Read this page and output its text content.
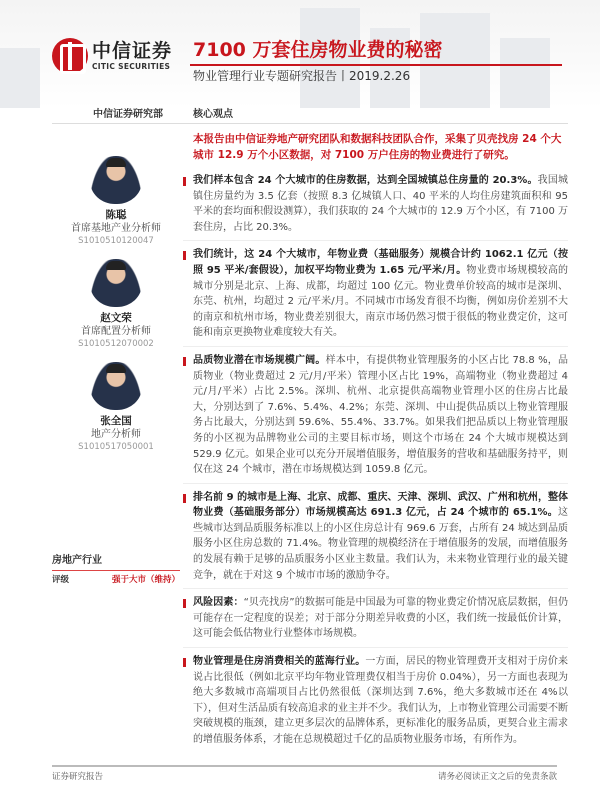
中信证券
CITIC SECURITIES
7100 万套住房物业费的秘密
物业管理行业专题研究报告丨2019.2.26
中信证券研究部	核心观点
陈聪
首席基地产业分析师
S1010510120047
赵文荣
首席配置分析师
S1010512070002
张全国
地产分析师
S1010517050001
房地产行业
评级	强于大市（维持）
本报告由中信证券地产研究团队和数据科技团队合作，采集了贝壳找房 24 个大城市 12.9 万个小区数据，对 7100 万户住房的物业费进行了研究。
我们样本包含 24 个大城市的住房数据，达到全国城镇总住房量的 20.3%。我国城镇住房量约为 3.5 亿套（按照 8.3 亿城镇人口、40 平米的人均住房建筑面积和 95 平米的套均面积假设测算），我们获取的 24 个大城市的 12.9 万个小区，有 7100 万套住房，占比 20.3%。
我们统计，这 24 个大城市，年物业费（基础服务）规模合计约 1062.1 亿元（按照 95 平米/套假设），加权平均物业费为 1.65 元/平米/月。物业费市场规模较高的城市分别是北京、上海、成都，均超过 100 亿元。物业费单价较高的城市是深圳、东莞、杭州，均超过 2 元/平米/月。不同城市市场发育很不均衡，例如房价差别不大的南京和杭州市场，物业费差别很大，南京市场仍然习惯于很低的物业费定价，这可能和南京更换物业难度较大有关。
品质物业潜在市场规模广阔。样本中，有提供物业管理服务的小区占比 78.8 %，品质物业（物业费超过 2 元/月/平米）管理小区占比 19%，高端物业（物业费超过 4 元/月/平米）占比 2.5%。深圳、杭州、北京提供高端物业管理小区的住房占比最大，分别达到了 7.6%、5.4%、4.2%；东莞、深圳、中山提供品质以上物业管理服务占比最大，分别达到 59.6%、55.4%、33.7%。如果我们把品质以上物业管理服务的小区视为品牌物业公司的主要目标市场，则这个市场在 24 个大城市规模达到 529.9 亿元。如果企业可以充分开展增值服务，增值服务的营收和基础服务持平，则仅在这 24 个城市，潜在市场规模达到 1059.8 亿元。
排名前 9 的城市是上海、北京、成都、重庆、天津、深圳、武汉、广州和杭州，整体物业费（基础服务部分）市场规模高达 691.3 亿元，占 24 个城市的 65.1%。这些城市达到品质服务标准以上的小区住房总计有 969.6 万套，占所有 24 城达到品质服务小区住房总数的 71.4%。物业管理的规模经济在于增值服务的发展，而增值服务的发展有赖于足够的品质服务小区业主数量。我们认为，未来物业管理行业的最关键竞争，就在于对这 9 个城市市场的激励争夺。
风险因素：“贝壳找房”的数据可能是中国最为可靠的物业费定价情况底层数据，但仍可能存在一定程度的误差；对于部分分期差异收费的小区，我们统一按最低价计算，这可能会低估物业行业整体市场规模。
物业管理是住房消费相关的蓝海行业。一方面，居民的物业管理费开支相对于房价来说占比很低（例如北京平均年物业管理费仅相当于房价 0.04%），另一方面也表现为绝大多数城市高端项目占比仍然很低（深圳达到 7.6%，绝大多数城市还在 4%以下），但对生活品质有较高追求的业主并不少。我们认为，上市物业管理公司需要不断突破规模的瓶颈，建立更多层次的品牌体系，更标准化的服务品质，更契合业主需求的增值服务体系，才能在总规模超过千亿的品质物业服务市场，有所作为。
证券研究报告	请务必阅读正文之后的免责条款
